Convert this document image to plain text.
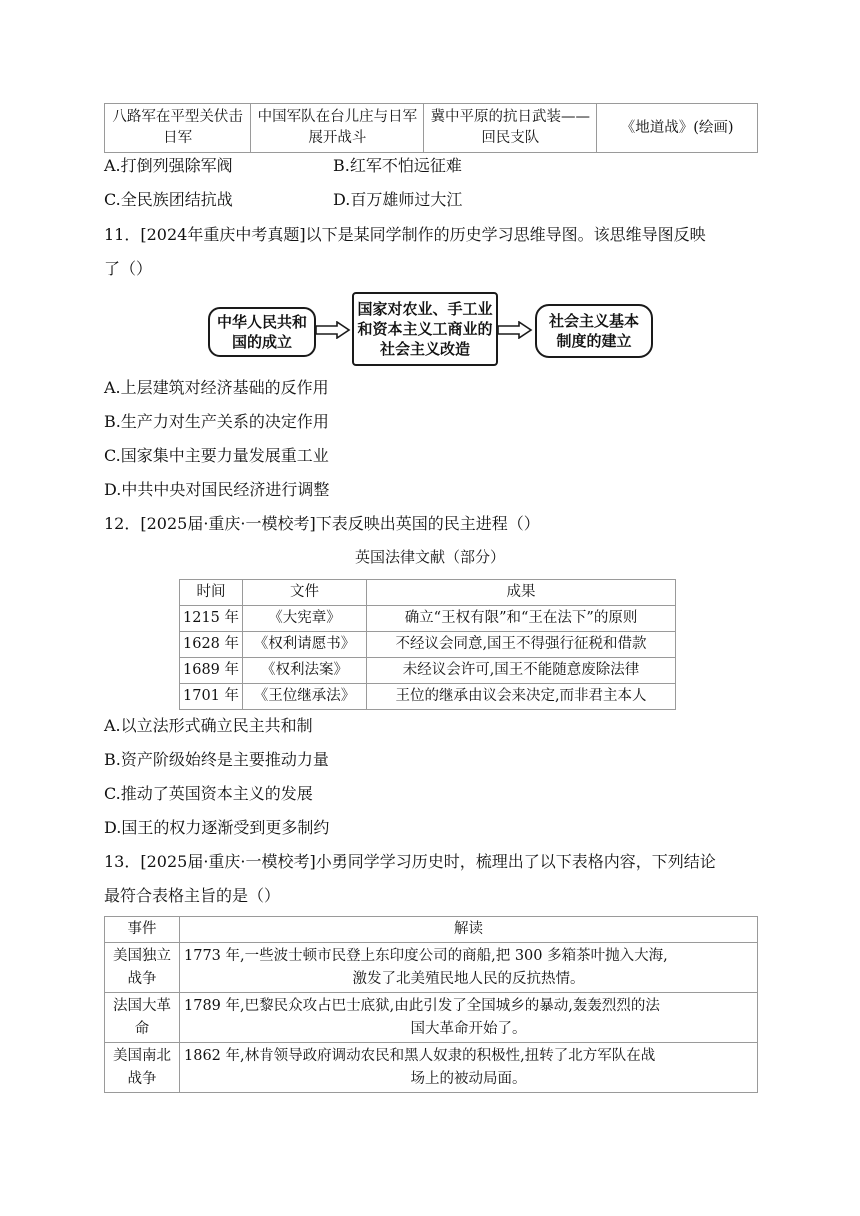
八路军在平型关伏击日军	中国军队在台儿庄与日军展开战斗	冀中平原的抗日武装——回民支队	《地道战》(绘画)
A.打倒列强除军阀	B.红军不怕远征难
C.全民族团结抗战	D.百万雄师过大江
11．[2024年重庆中考真题]以下是某同学制作的历史学习思维导图。该思维导图反映
了（）
中华人民共和国的成立
国家对农业、手工业和资本主义工商业的社会主义改造
社会主义基本制度的建立
A.上层建筑对经济基础的反作用
B.生产力对生产关系的决定作用
C.国家集中主要力量发展重工业
D.中共中央对国民经济进行调整
12．[2025届·重庆·一模校考]下表反映出英国的民主进程（）
英国法律文献（部分）
时间	文件	成果
1215 年	《大宪章》	确立“王权有限”和“王在法下”的原则
1628 年	《权利请愿书》	不经议会同意,国王不得强行征税和借款
1689 年	《权利法案》	未经议会许可,国王不能随意废除法律
1701 年	《王位继承法》	王位的继承由议会来决定,而非君主本人
A.以立法形式确立民主共和制
B.资产阶级始终是主要推动力量
C.推动了英国资本主义的发展
D.国王的权力逐渐受到更多制约
13．[2025届·重庆·一模校考]小勇同学学习历史时，梳理出了以下表格内容，下列结论
最符合表格主旨的是（）
事件	解读
美国独立战争	1773 年,一些波士顿市民登上东印度公司的商船,把 300 多箱茶叶抛入大海,
激发了北美殖民地人民的反抗热情。

法国大革命	1789 年,巴黎民众攻占巴士底狱,由此引发了全国城乡的暴动,轰轰烈烈的法
国大革命开始了。

美国南北战争	1862 年,林肯领导政府调动农民和黑人奴隶的积极性,扭转了北方军队在战
场上的被动局面。
